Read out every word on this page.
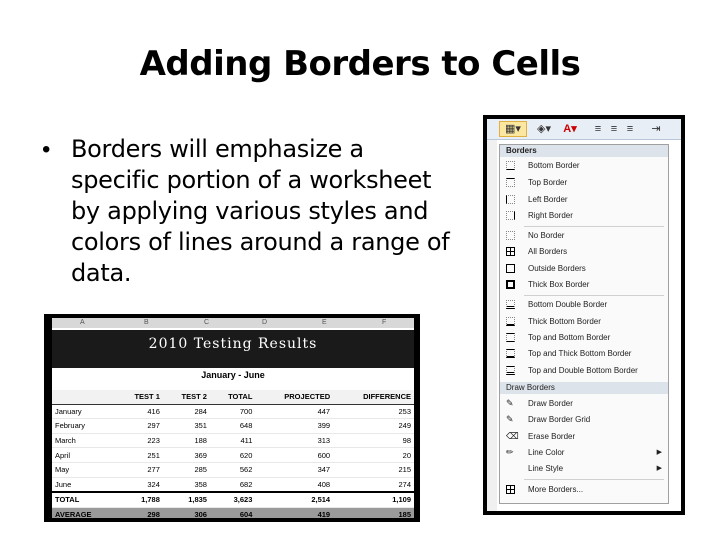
Adding Borders to Cells
• Borders will emphasize a
specific portion of a worksheet
by applying various styles and
colors of lines around a range of
data.
A	B	C	D	E	F
2010 Testing Results
January - June
	TEST 1	TEST 2	TOTAL	PROJECTED	DIFFERENCE
January	416	284	700	447	253
February	297	351	648	399	249
March	223	188	411	313	98
April	251	369	620	600	20
May	277	285	562	347	215
June	324	358	682	408	274
TOTAL	1,788	1,835	3,623	2,514	1,109
AVERAGE	298	306	604	419	185
▦▾	◈▾	A▾	≡ ≡ ≡	⇥
Borders
Bottom Border
Top Border
Left Border
Right Border
No Border
All Borders
Outside Borders
Thick Box Border
Bottom Double Border
Thick Bottom Border
Top and Bottom Border
Top and Thick Bottom Border
Top and Double Bottom Border
Draw Borders
✎ Draw Border
✎ Draw Border Grid
⌫ Erase Border
✏ Line Color	▶
Line Style	▶
More Borders...
